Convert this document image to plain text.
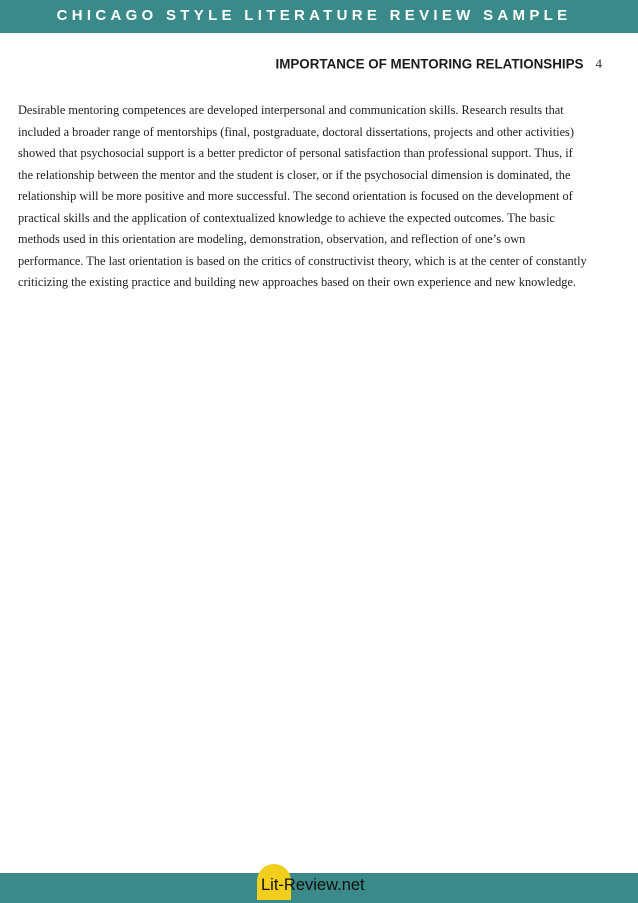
CHICAGO STYLE LITERATURE REVIEW SAMPLE
IMPORTANCE OF MENTORING RELATIONSHIPS 4

Desirable mentoring competences are developed interpersonal and communication skills. Research results that
included a broader range of mentorships (final, postgraduate, doctoral dissertations, projects and other activities)
showed that psychosocial support is a better predictor of personal satisfaction than professional support. Thus, if
the relationship between the mentor and the student is closer, or if the psychosocial dimension is dominated, the
relationship will be more positive and more successful. The second orientation is focused on the development of
practical skills and the application of contextualized knowledge to achieve the expected outcomes. The basic
methods used in this orientation are modeling, demonstration, observation, and reflection of one’s own
performance. The last orientation is based on the critics of constructivist theory, which is at the center of constantly
criticizing the existing practice and building new approaches based on their own experience and new knowledge.

Lit-Review.net
